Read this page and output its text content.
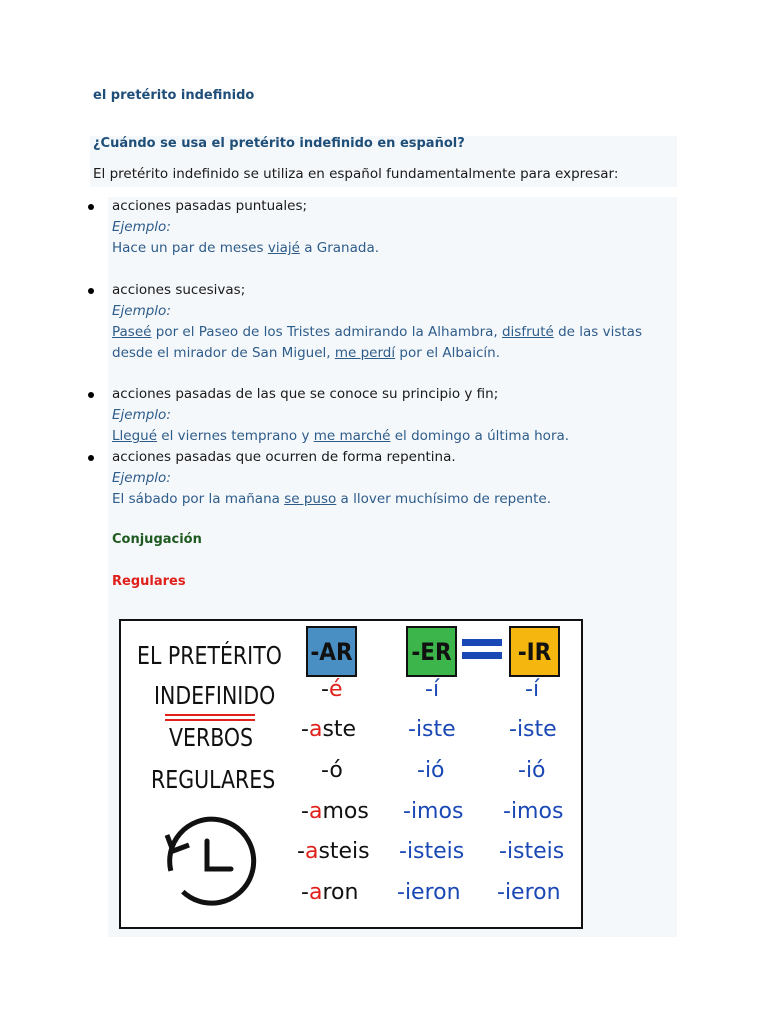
el pretérito indefinido
¿Cuándo se usa el pretérito indefinido en español?
El pretérito indefinido se utiliza en español fundamentalmente para expresar:
acciones pasadas puntuales;
Ejemplo:
Hace un par de meses viajé a Granada.
acciones sucesivas;
Ejemplo:
Paseé por el Paseo de los Tristes admirando la Alhambra, disfruté de las vistas
desde el mirador de San Miguel, me perdí por el Albaicín.
acciones pasadas de las que se conoce su principio y fin;
Ejemplo:
Llegué el viernes temprano y me marché el domingo a última hora.
acciones pasadas que ocurren de forma repentina.
Ejemplo:
El sábado por la mañana se puso a llover muchísimo de repente.
Conjugación
Regulares
EL PRETÉRITO
INDEFINIDO
VERBOS
REGULARES
-AR -ER	-IR
-é
-aste
-ó
-amos
-asteis
-aron
-í
-iste
-ió
-imos
-isteis
-ieron
-í
-iste
-ió
-imos
-isteis
-ieron
